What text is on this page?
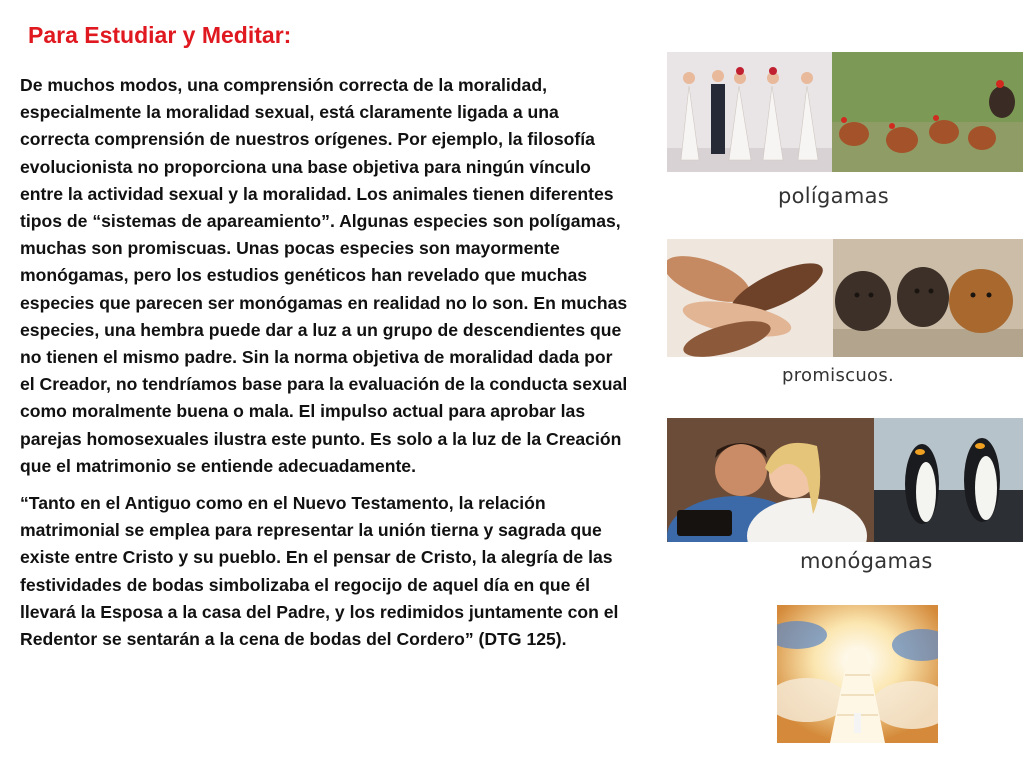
Para Estudiar y Meditar:

De muchos modos, una comprensión correcta de la moralidad, especialmente la moralidad sexual, está claramente ligada a una correcta comprensión de nuestros orígenes. Por ejemplo, la filosofía evolucionista no proporciona una base objetiva para ningún vínculo entre la actividad sexual y la moralidad. Los animales tienen diferentes tipos de “sistemas de apareamiento”. Algunas especies son polígamas, muchas son promiscuas. Unas pocas especies son mayormente monógamas, pero los estudios genéticos han revelado que muchas especies que parecen ser monógamas en realidad no lo son. En muchas especies, una hembra puede dar a luz a un grupo de descendientes que no tienen el mismo padre. Sin la norma objetiva de moralidad dada por el Creador, no tendríamos base para la evaluación de la conducta sexual como moralmente buena o mala. El impulso actual para aprobar las parejas homosexuales ilustra este punto. Es solo a la luz de la Creación que el matrimonio se entiende adecuadamente.

“Tanto en el Antiguo como en el Nuevo Testamento, la relación matrimonial se emplea para representar la unión tierna y sagrada que existe entre Cristo y su pueblo. En el pensar de Cristo, la alegría de las festividades de bodas simbolizaba el regocijo de aquel día en que él llevará la Esposa a la casa del Padre, y los redimidos juntamente con el Redentor se sentarán a la cena de bodas del Cordero” (DTG 125).

polígamas
promiscuos.
monógamas
